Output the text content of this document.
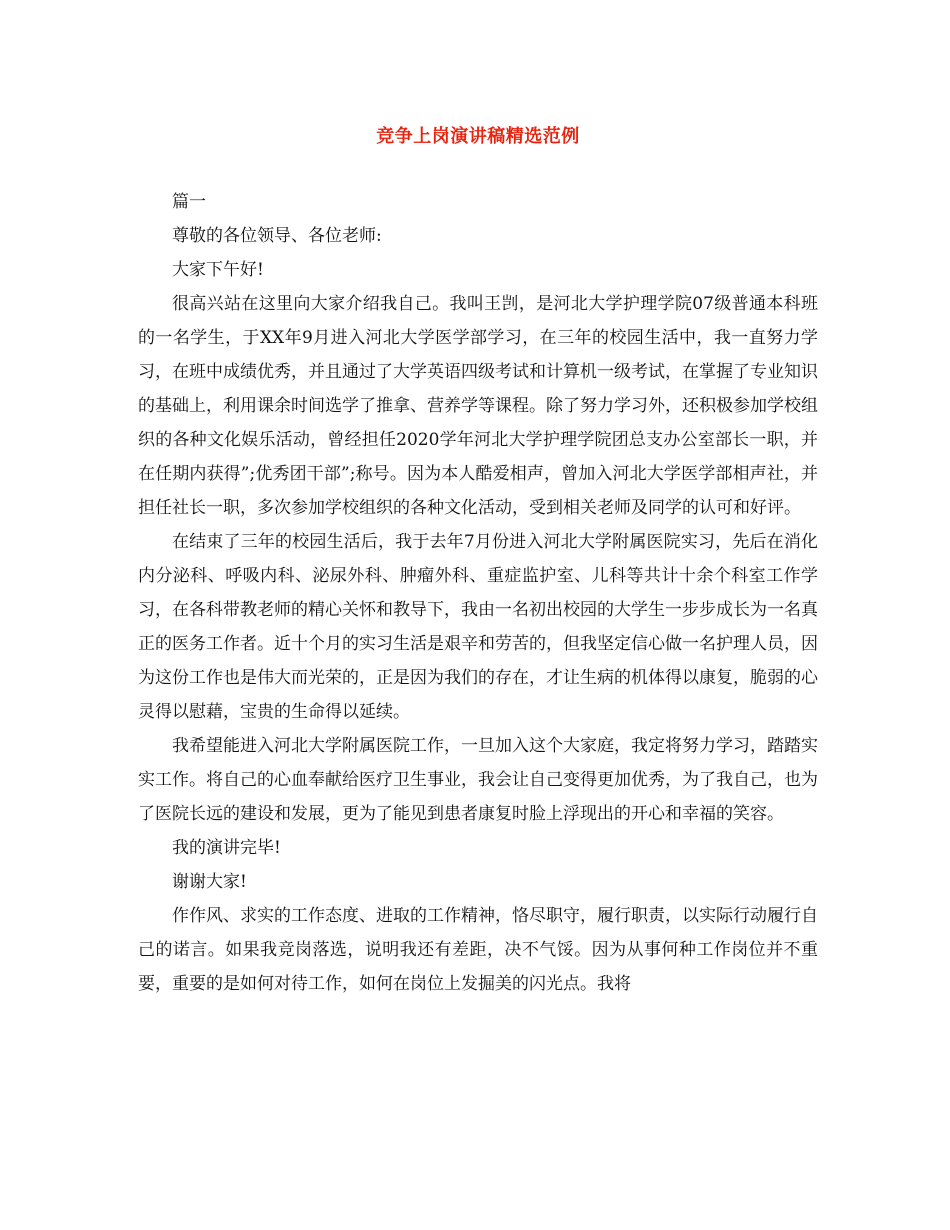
竞争上岗演讲稿精选范例

篇一

尊敬的各位领导、各位老师:

大家下午好!

很高兴站在这里向大家介绍我自己。我叫王剀，是河北大学护理学院07级普通本科班的一名学生，于XX年9月进入河北大学医学部学习，在三年的校园生活中，我一直努力学习，在班中成绩优秀，并且通过了大学英语四级考试和计算机一级考试，在掌握了专业知识的基础上，利用课余时间选学了推拿、营养学等课程。除了努力学习外，还积极参加学校组织的各种文化娱乐活动，曾经担任2020学年河北大学护理学院团总支办公室部长一职，并在任期内获得”;优秀团干部”;称号。因为本人酷爱相声，曾加入河北大学医学部相声社，并担任社长一职，多次参加学校组织的各种文化活动，受到相关老师及同学的认可和好评。

在结束了三年的校园生活后，我于去年7月份进入河北大学附属医院实习，先后在消化内分泌科、呼吸内科、泌尿外科、肿瘤外科、重症监护室、儿科等共计十余个科室工作学习，在各科带教老师的精心关怀和教导下，我由一名初出校园的大学生一步步成长为一名真正的医务工作者。近十个月的实习生活是艰辛和劳苦的，但我坚定信心做一名护理人员，因为这份工作也是伟大而光荣的，正是因为我们的存在，才让生病的机体得以康复，脆弱的心灵得以慰藉，宝贵的生命得以延续。

我希望能进入河北大学附属医院工作，一旦加入这个大家庭，我定将努力学习，踏踏实实工作。将自己的心血奉献给医疗卫生事业，我会让自己变得更加优秀，为了我自己，也为了医院长远的建设和发展，更为了能见到患者康复时脸上浮现出的开心和幸福的笑容。

我的演讲完毕!

谢谢大家!

作作风、求实的工作态度、进取的工作精神，恪尽职守，履行职责，以实际行动履行自己的诺言。如果我竞岗落选，说明我还有差距，决不气馁。因为从事何种工作岗位并不重要，重要的是如何对待工作，如何在岗位上发掘美的闪光点。我将
